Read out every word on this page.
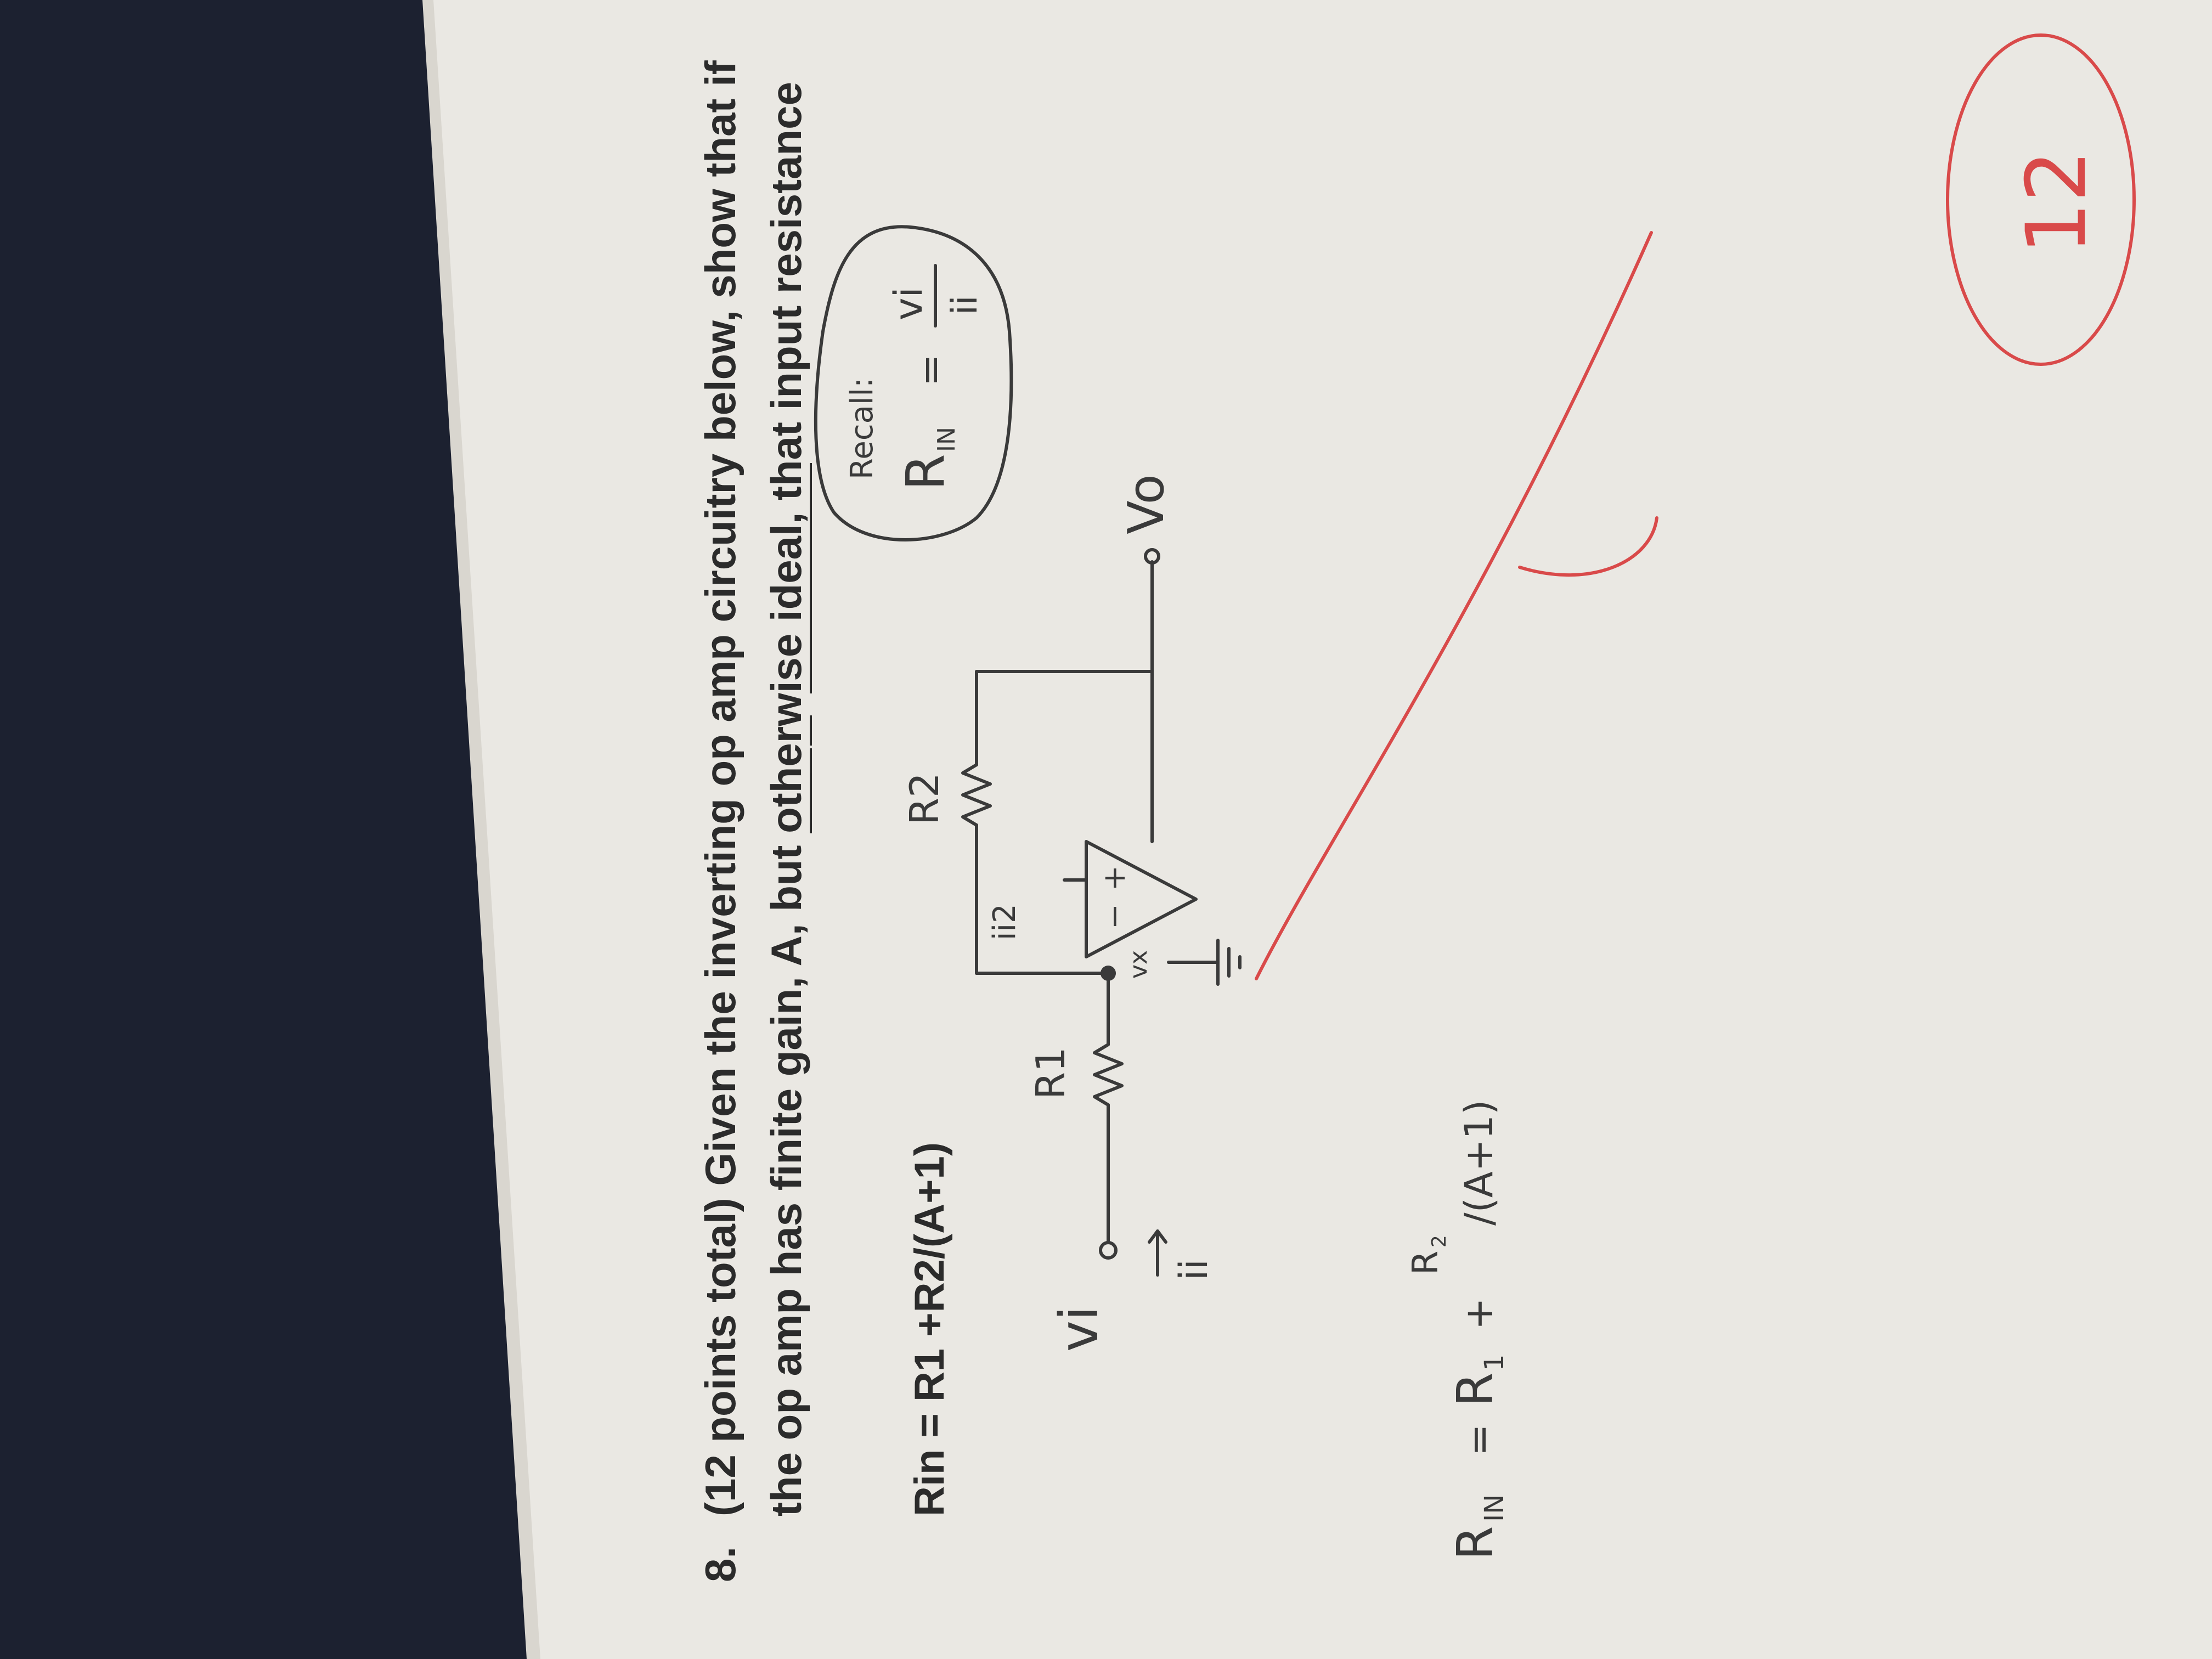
8.
(12 points total) Given the inverting op amp circuitry below, show that if the op amp has finite gain, A, but otherwise ideal, that input resistance Rin = R1 +R2/(A+1)
Recall: R
IN
=
vi ii
vi
ii
R1
vx
R2
ii2 −
+
Vo
R
IN
=
R
1
+
R
2
/(A+1)
12
